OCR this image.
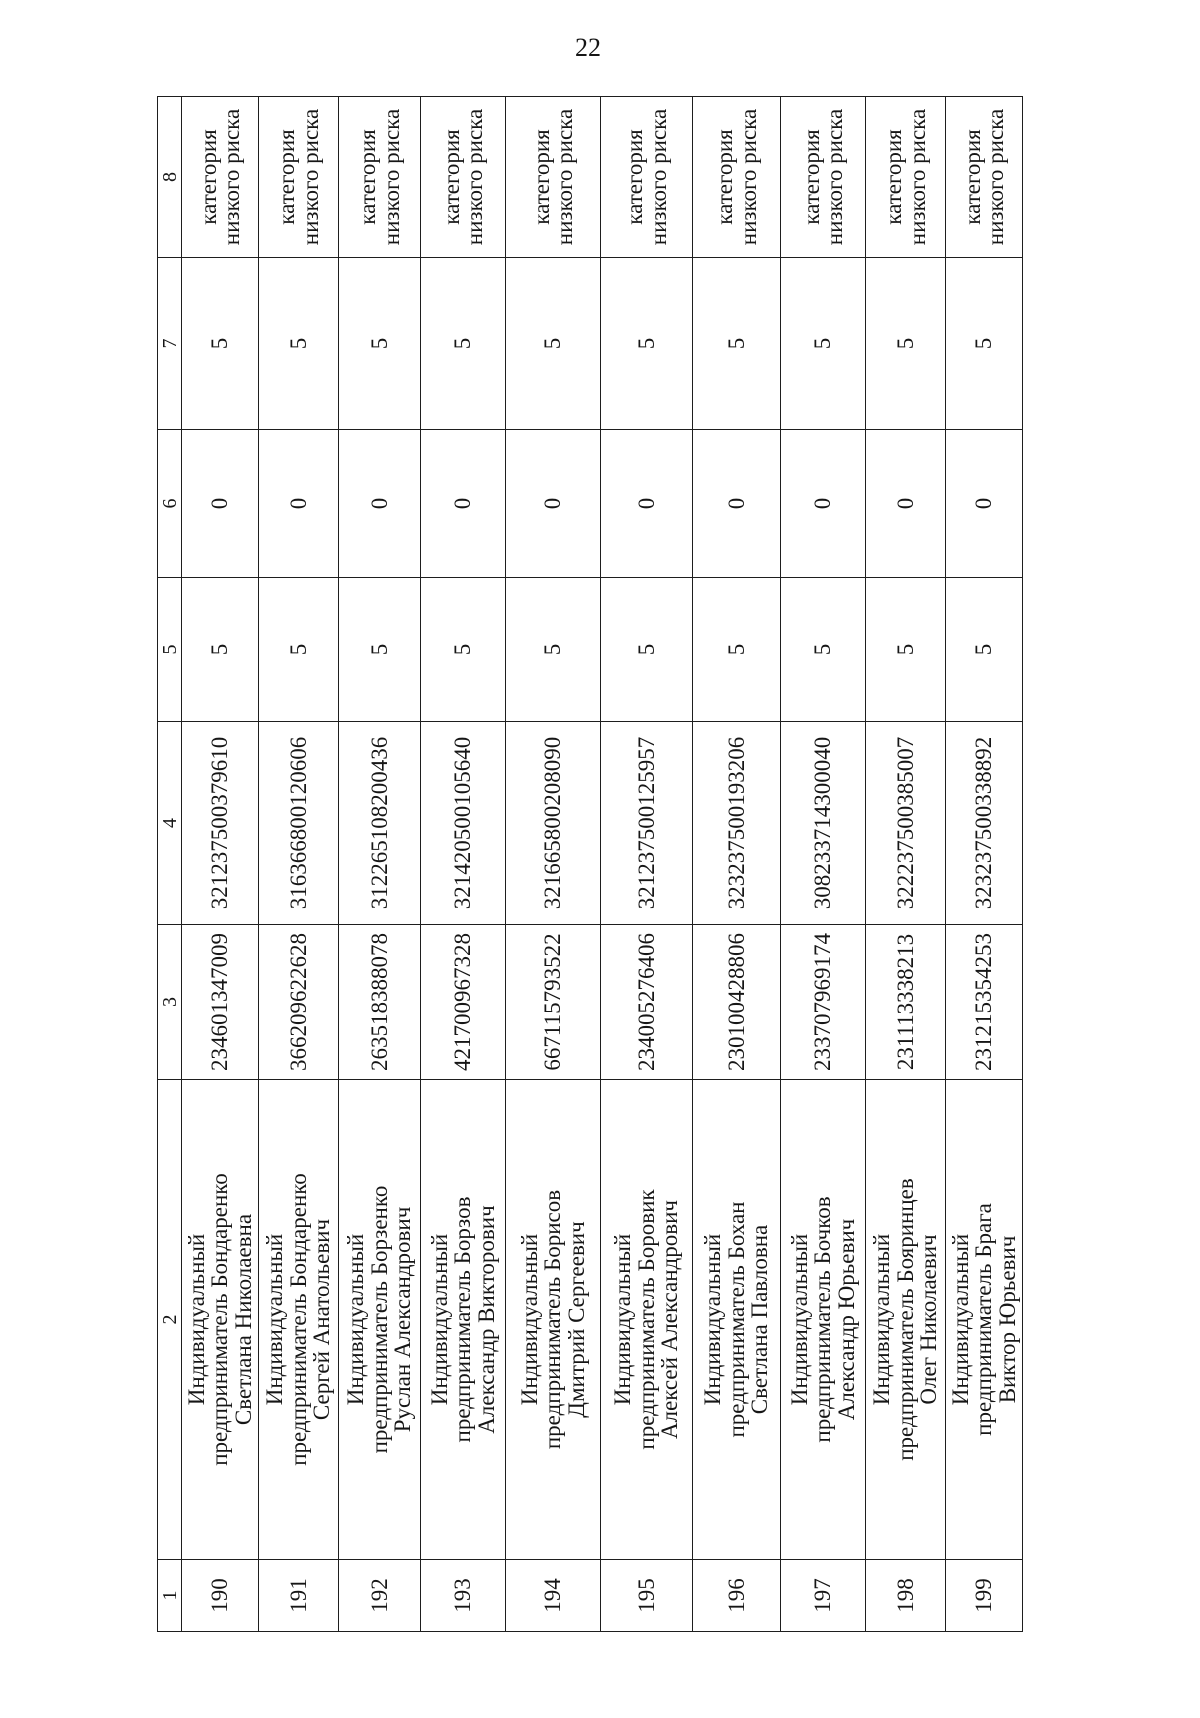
22
1	2	3	4	5	6	7	8
190	Индивидуальный
предприниматель Бондаренко
Светлана Николаевна	234601347009	321237500379610	5	0	5	категория
низкого риска

191	Индивидуальный
предприниматель Бондаренко
Сергей Анатольевич	366209622628	316366800120606	5	0	5	категория
низкого риска

192	Индивидуальный
предприниматель Борзенко
Руслан Александрович	263518388078	312265108200436	5	0	5	категория
низкого риска

193	Индивидуальный
предприниматель Борзов
Александр Викторович	421700967328	321420500105640	5	0	5	категория
низкого риска

194	Индивидуальный
предприниматель Борисов
Дмитрий Сергеевич	667115793522	321665800208090	5	0	5	категория
низкого риска

195	Индивидуальный
предприниматель Боровик
Алексей Александрович	234005276406	321237500125957	5	0	5	категория
низкого риска

196	Индивидуальный
предприниматель Бохан
Светлана Павловна	230100428806	323237500193206	5	0	5	категория
низкого риска

197	Индивидуальный
предприниматель Бочков
Александр Юрьевич	233707969174	308233714300040	5	0	5	категория
низкого риска

198	Индивидуальный
предприниматель Бояринцев
Олег Николаевич	231113338213	322237500385007	5	0	5	категория
низкого риска

199	Индивидуальный
предприниматель Брага
Виктор Юрьевич	231215354253	323237500338892	5	0	5	категория
низкого риска
